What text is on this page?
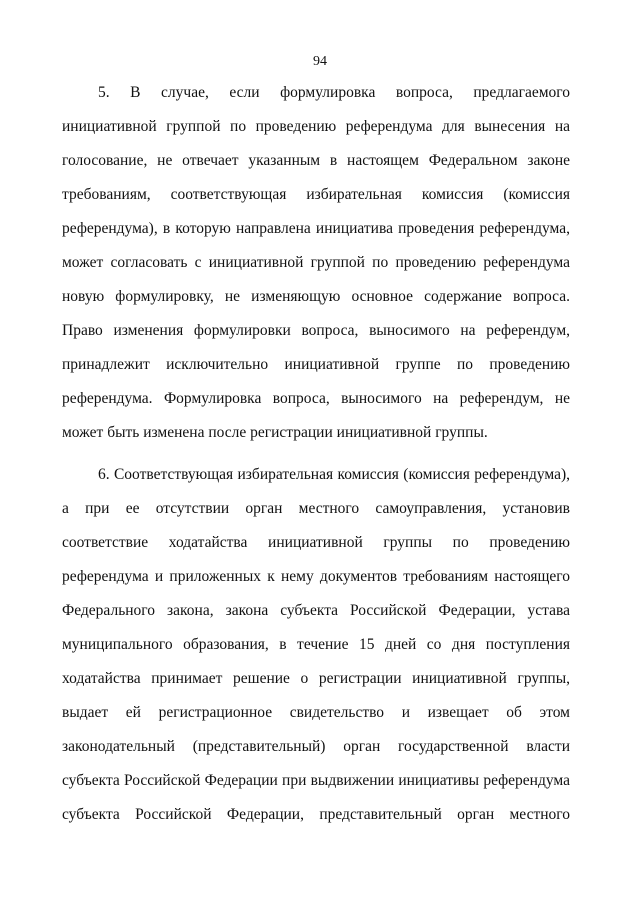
94
5. В случае, если формулировка вопроса, предлагаемого
инициативной группой по проведению референдума для вынесения на
голосование, не отвечает указанным в настоящем Федеральном законе
требованиям, соответствующая избирательная комиссия (комиссия
референдума), в которую направлена инициатива проведения референдума,
может согласовать с инициативной группой по проведению референдума
новую формулировку, не изменяющую основное содержание вопроса.
Право изменения формулировки вопроса, выносимого на референдум,
принадлежит исключительно инициативной группе по проведению
референдума. Формулировка вопроса, выносимого на референдум, не
может быть изменена после регистрации инициативной группы.
6. Соответствующая избирательная комиссия (комиссия референдума),
а при ее отсутствии орган местного самоуправления, установив
соответствие ходатайства инициативной группы по проведению
референдума и приложенных к нему документов требованиям настоящего
Федерального закона, закона субъекта Российской Федерации, устава
муниципального образования, в течение 15 дней со дня поступления
ходатайства принимает решение о регистрации инициативной группы,
выдает ей регистрационное свидетельство и извещает об этом
законодательный (представительный) орган государственной власти
субъекта Российской Федерации при выдвижении инициативы референдума
субъекта Российской Федерации, представительный орган местного
